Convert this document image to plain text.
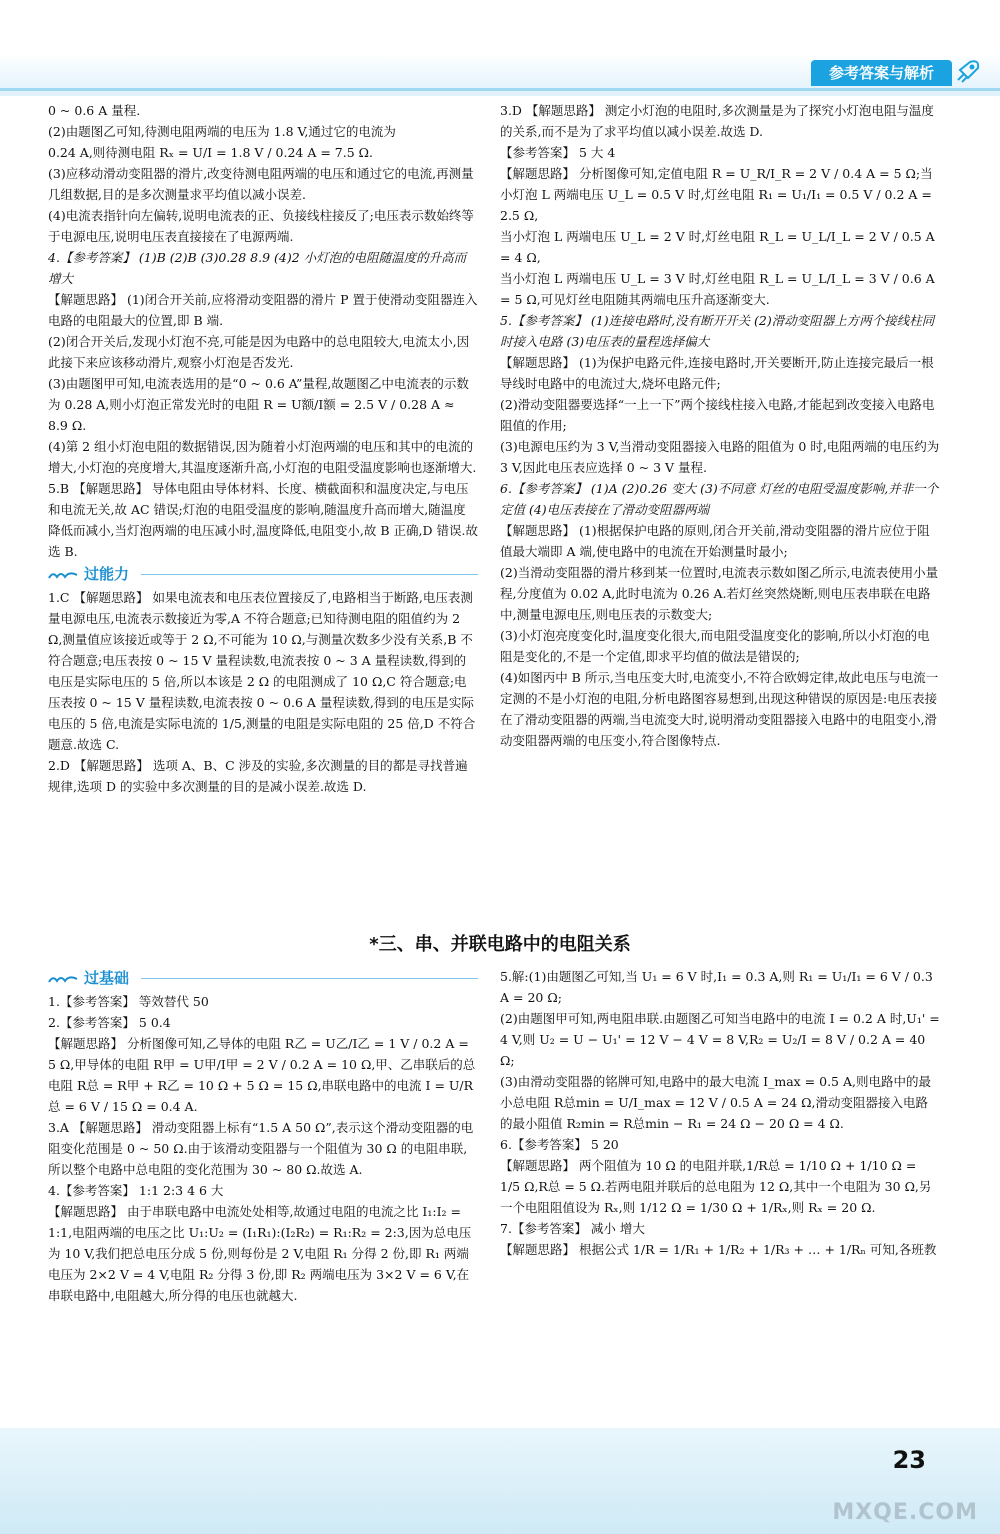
参考答案与解析

0 ~ 0.6 A 量程.

(2)由题图乙可知,待测电阻两端的电压为 1.8 V,通过它的电流为

0.24 A,则待测电阻 Rₓ = U/I = 1.8 V / 0.24 A = 7.5 Ω.

(3)应移动滑动变阻器的滑片,改变待测电阻两端的电压和通过它的电流,再测量几组数据,目的是多次测量求平均值以减小误差.

(4)电流表指针向左偏转,说明电流表的正、负接线柱接反了;电压表示数始终等于电源电压,说明电压表直接接在了电源两端.

4.【参考答案】 (1)B (2)B (3)0.28 8.9 (4)2 小灯泡的电阻随温度的升高而增大

【解题思路】 (1)闭合开关前,应将滑动变阻器的滑片 P 置于使滑动变阻器连入电路的电阻最大的位置,即 B 端.

(2)闭合开关后,发现小灯泡不亮,可能是因为电路中的总电阻较大,电流太小,因此接下来应该移动滑片,观察小灯泡是否发光.

(3)由题图甲可知,电流表选用的是“0 ~ 0.6 A”量程,故题图乙中电流表的示数为 0.28 A,则小灯泡正常发光时的电阻 R = U额/I额 = 2.5 V / 0.28 A ≈ 8.9 Ω.

(4)第 2 组小灯泡电阻的数据错误,因为随着小灯泡两端的电压和其中的电流的增大,小灯泡的亮度增大,其温度逐渐升高,小灯泡的电阻受温度影响也逐渐增大.

5.B 【解题思路】 导体电阻由导体材料、长度、横截面积和温度决定,与电压和电流无关,故 AC 错误;灯泡的电阻受温度的影响,随温度升高而增大,随温度降低而减小,当灯泡两端的电压减小时,温度降低,电阻变小,故 B 正确,D 错误.故选 B.

过能力

1.C 【解题思路】 如果电流表和电压表位置接反了,电路相当于断路,电压表测量电源电压,电流表示数接近为零,A 不符合题意;已知待测电阻的阻值约为 2 Ω,测量值应该接近或等于 2 Ω,不可能为 10 Ω,与测量次数多少没有关系,B 不符合题意;电压表按 0 ~ 15 V 量程读数,电流表按 0 ~ 3 A 量程读数,得到的电压是实际电压的 5 倍,所以本该是 2 Ω 的电阻测成了 10 Ω,C 符合题意;电压表按 0 ~ 15 V 量程读数,电流表按 0 ~ 0.6 A 量程读数,得到的电压是实际电压的 5 倍,电流是实际电流的 1/5,测量的电阻是实际电阻的 25 倍,D 不符合题意.故选 C.

2.D 【解题思路】 选项 A、B、C 涉及的实验,多次测量的目的都是寻找普遍规律,选项 D 的实验中多次测量的目的是减小误差.故选 D.

3.D 【解题思路】 测定小灯泡的电阻时,多次测量是为了探究小灯泡电阻与温度的关系,而不是为了求平均值以减小误差.故选 D.

【参考答案】 5 大 4

【解题思路】 分析图像可知,定值电阻 R = U_R/I_R = 2 V / 0.4 A = 5 Ω;当小灯泡 L 两端电压 U_L = 0.5 V 时,灯丝电阻 R₁ = U₁/I₁ = 0.5 V / 0.2 A = 2.5 Ω,

当小灯泡 L 两端电压 U_L = 2 V 时,灯丝电阻 R_L = U_L/I_L = 2 V / 0.5 A = 4 Ω,

当小灯泡 L 两端电压 U_L = 3 V 时,灯丝电阻 R_L = U_L/I_L = 3 V / 0.6 A = 5 Ω,可见灯丝电阻随其两端电压升高逐渐变大.

5.【参考答案】 (1)连接电路时,没有断开开关 (2)滑动变阻器上方两个接线柱同时接入电路 (3)电压表的量程选择偏大

【解题思路】 (1)为保护电路元件,连接电路时,开关要断开,防止连接完最后一根导线时电路中的电流过大,烧坏电路元件;

(2)滑动变阻器要选择“一上一下”两个接线柱接入电路,才能起到改变接入电路电阻值的作用;

(3)电源电压约为 3 V,当滑动变阻器接入电路的阻值为 0 时,电阻两端的电压约为 3 V,因此电压表应选择 0 ~ 3 V 量程.

6.【参考答案】 (1)A (2)0.26 变大 (3)不同意 灯丝的电阻受温度影响,并非一个定值 (4)电压表接在了滑动变阻器两端

【解题思路】 (1)根据保护电路的原则,闭合开关前,滑动变阻器的滑片应位于阻值最大端即 A 端,使电路中的电流在开始测量时最小;

(2)当滑动变阻器的滑片移到某一位置时,电流表示数如图乙所示,电流表使用小量程,分度值为 0.02 A,此时电流为 0.26 A.若灯丝突然烧断,则电压表串联在电路中,测量电源电压,则电压表的示数变大;

(3)小灯泡亮度变化时,温度变化很大,而电阻受温度变化的影响,所以小灯泡的电阻是变化的,不是一个定值,即求平均值的做法是错误的;

(4)如图丙中 B 所示,当电压变大时,电流变小,不符合欧姆定律,故此电压与电流一定测的不是小灯泡的电阻,分析电路图容易想到,出现这种错误的原因是:电压表接在了滑动变阻器的两端,当电流变大时,说明滑动变阻器接入电路中的电阻变小,滑动变阻器两端的电压变小,符合图像特点.

*三、串、并联电路中的电阻关系
过基础

1.【参考答案】 等效替代 50

2.【参考答案】 5 0.4

【解题思路】 分析图像可知,乙导体的电阻 R乙 = U乙/I乙 = 1 V / 0.2 A = 5 Ω,甲导体的电阻 R甲 = U甲/I甲 = 2 V / 0.2 A = 10 Ω,甲、乙串联后的总电阻 R总 = R甲 + R乙 = 10 Ω + 5 Ω = 15 Ω,串联电路中的电流 I = U/R总 = 6 V / 15 Ω = 0.4 A.

3.A 【解题思路】 滑动变阻器上标有“1.5 A 50 Ω”,表示这个滑动变阻器的电阻变化范围是 0 ~ 50 Ω.由于该滑动变阻器与一个阻值为 30 Ω 的电阻串联,所以整个电路中总电阻的变化范围为 30 ~ 80 Ω.故选 A.

4.【参考答案】 1:1 2:3 4 6 大

【解题思路】 由于串联电路中电流处处相等,故通过电阻的电流之比 I₁:I₂ = 1:1,电阻两端的电压之比 U₁:U₂ = (I₁R₁):(I₂R₂) = R₁:R₂ = 2:3,因为总电压为 10 V,我们把总电压分成 5 份,则每份是 2 V,电阻 R₁ 分得 2 份,即 R₁ 两端电压为 2×2 V = 4 V,电阻 R₂ 分得 3 份,即 R₂ 两端电压为 3×2 V = 6 V,在串联电路中,电阻越大,所分得的电压也就越大.

5.解:(1)由题图乙可知,当 U₁ = 6 V 时,I₁ = 0.3 A,则 R₁ = U₁/I₁ = 6 V / 0.3 A = 20 Ω;

(2)由题图甲可知,两电阻串联.由题图乙可知当电路中的电流 I = 0.2 A 时,U₁' = 4 V,则 U₂ = U − U₁' = 12 V − 4 V = 8 V,R₂ = U₂/I = 8 V / 0.2 A = 40 Ω;

(3)由滑动变阻器的铭牌可知,电路中的最大电流 I_max = 0.5 A,则电路中的最小总电阻 R总min = U/I_max = 12 V / 0.5 A = 24 Ω,滑动变阻器接入电路的最小阻值 R₂min = R总min − R₁ = 24 Ω − 20 Ω = 4 Ω.

6.【参考答案】 5 20

【解题思路】 两个阻值为 10 Ω 的电阻并联,1/R总 = 1/10 Ω + 1/10 Ω = 1/5 Ω,R总 = 5 Ω.若两电阻并联后的总电阻为 12 Ω,其中一个电阻为 30 Ω,另一个电阻阻值设为 Rₓ,则 1/12 Ω = 1/30 Ω + 1/Rₓ,则 Rₓ = 20 Ω.

7.【参考答案】 减小 增大

【解题思路】 根据公式 1/R = 1/R₁ + 1/R₂ + 1/R₃ + … + 1/Rₙ 可知,各班教

23
MXQE.COM
